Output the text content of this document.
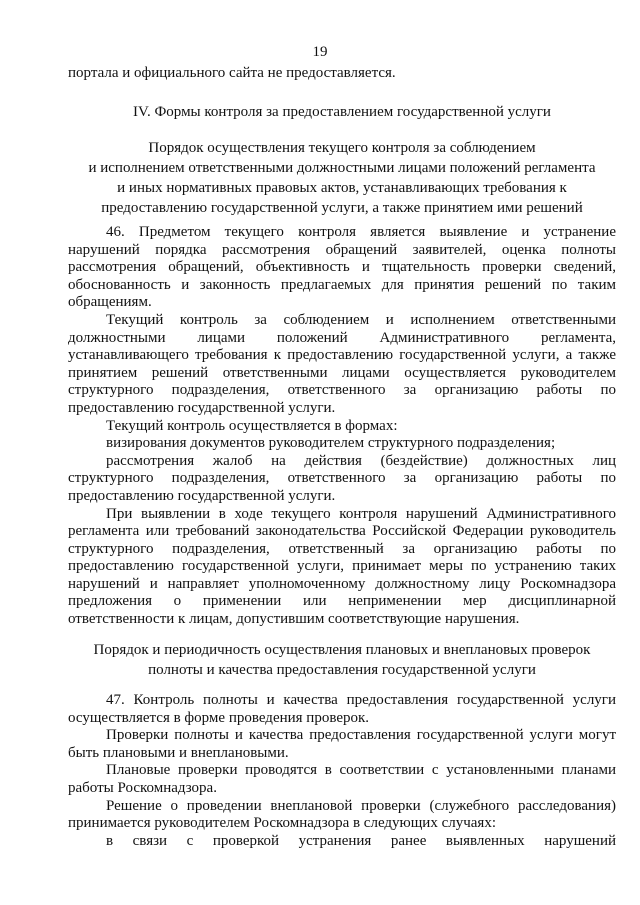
19

портала и официального сайта не предоставляется.

IV. Формы контроля за предоставлением государственной услуги

Порядок осуществления текущего контроля за соблюдением

и исполнением ответственными должностными лицами положений регламента

и иных нормативных правовых актов, устанавливающих требования к

предоставлению государственной услуги, а также принятием ими решений

46. Предметом текущего контроля является выявление и устранение нарушений порядка рассмотрения обращений заявителей, оценка полноты рассмотрения обращений, объективность и тщательность проверки сведений, обоснованность и законность предлагаемых для принятия решений по таким обращениям.

Текущий контроль за соблюдением и исполнением ответственными должностными лицами положений Административного регламента, устанавливающего требования к предоставлению государственной услуги, а также принятием решений ответственными лицами осуществляется руководителем структурного подразделения, ответственного за организацию работы по предоставлению государственной услуги.

Текущий контроль осуществляется в формах:

визирования документов руководителем структурного подразделения;

рассмотрения жалоб на действия (бездействие) должностных лиц структурного подразделения, ответственного за организацию работы по предоставлению государственной услуги.

При выявлении в ходе текущего контроля нарушений Административного регламента или требований законодательства Российской Федерации руководитель структурного подразделения, ответственный за организацию работы по предоставлению государственной услуги, принимает меры по устранению таких нарушений и направляет уполномоченному должностному лицу Роскомнадзора предложения о применении или неприменении мер дисциплинарной ответственности к лицам, допустившим соответствующие нарушения.

Порядок и периодичность осуществления плановых и внеплановых проверок

полноты и качества предоставления государственной услуги

47. Контроль полноты и качества предоставления государственной услуги осуществляется в форме проведения проверок.

Проверки полноты и качества предоставления государственной услуги могут быть плановыми и внеплановыми.

Плановые проверки проводятся в соответствии с установленными планами работы Роскомнадзора.

Решение о проведении внеплановой проверки (служебного расследования) принимается руководителем Роскомнадзора в следующих случаях:

в связи с проверкой устранения ранее выявленных нарушений
